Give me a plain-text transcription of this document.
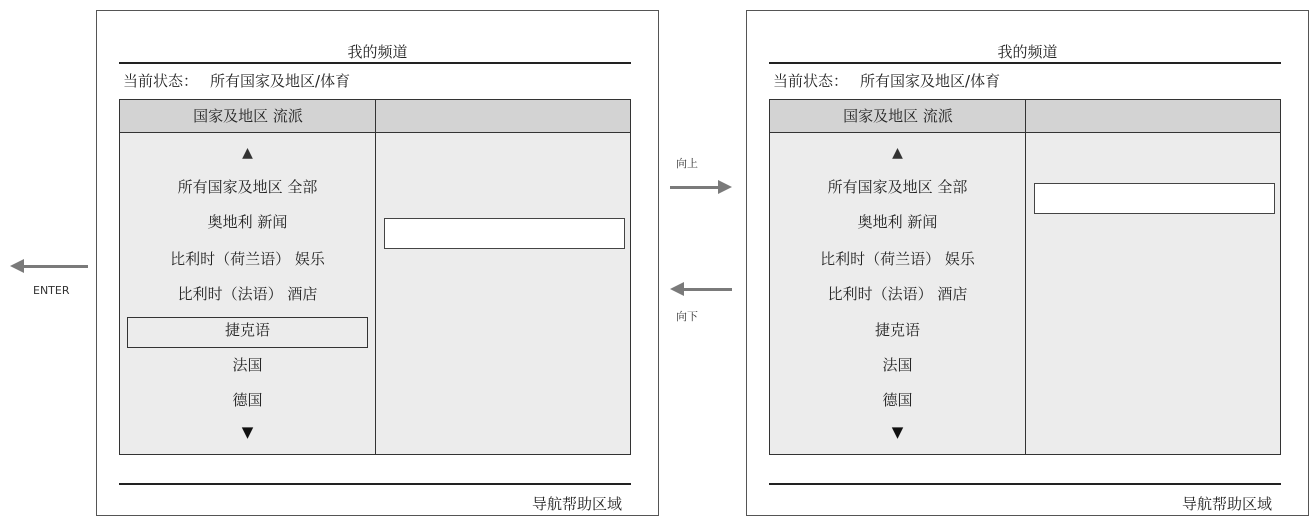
我的频道
当前状态： 所有国家及地区/体育
国家及地区 流派
▲
所有国家及地区 全部
奥地利 新闻
比利时（荷兰语） 娱乐
比利时（法语） 酒店
捷克语
法国
德国
▼
导航帮助区域
我的频道
当前状态： 所有国家及地区/体育
国家及地区 流派
▲
所有国家及地区 全部
奥地利 新闻
比利时（荷兰语） 娱乐
比利时（法语） 酒店
捷克语
法国
德国
▼
导航帮助区域
ENTER
向上
向下
